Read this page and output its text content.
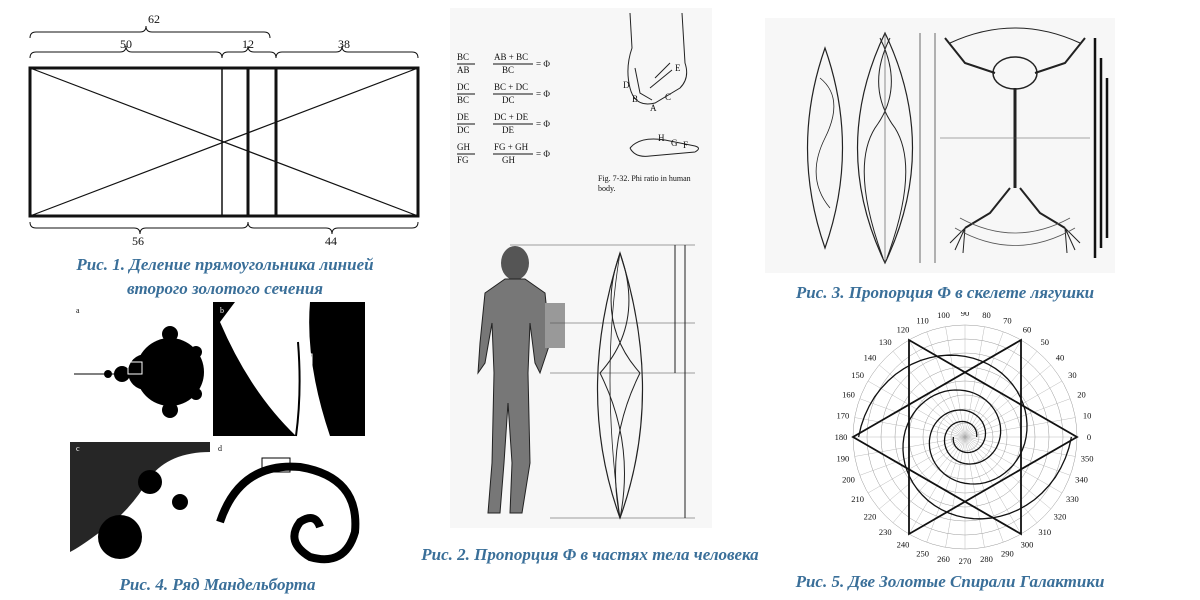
62
50	12	38
56	44
Рис. 1. Деление прямоугольника линией
второго золотого сечения
a	b
c	d
Рис. 4. Ряд Мандельборта
BC
AB
AB + BC
BC
= Φ
DC
BC
BC + DC
DC
= Φ
DE
DC
DC + DE
DE
= Φ
GH
FG
FG + GH
GH
= Φ
E
D
C
B
A
H G F
Fig. 7-32. Phi ratio in human body.
Рис. 2. Пропорция Φ в частях тела человека
Рис. 3. Пропорция Φ в скелете лягушки
0
10
20
30
40
50
60
70
80
90
100
110
120
130
140
150
160
170
180
190
200
210
220
230
240
250
260 270 280
290
300
310
320
330
340
350
Рис. 5. Две Золотые Спирали Галактики
